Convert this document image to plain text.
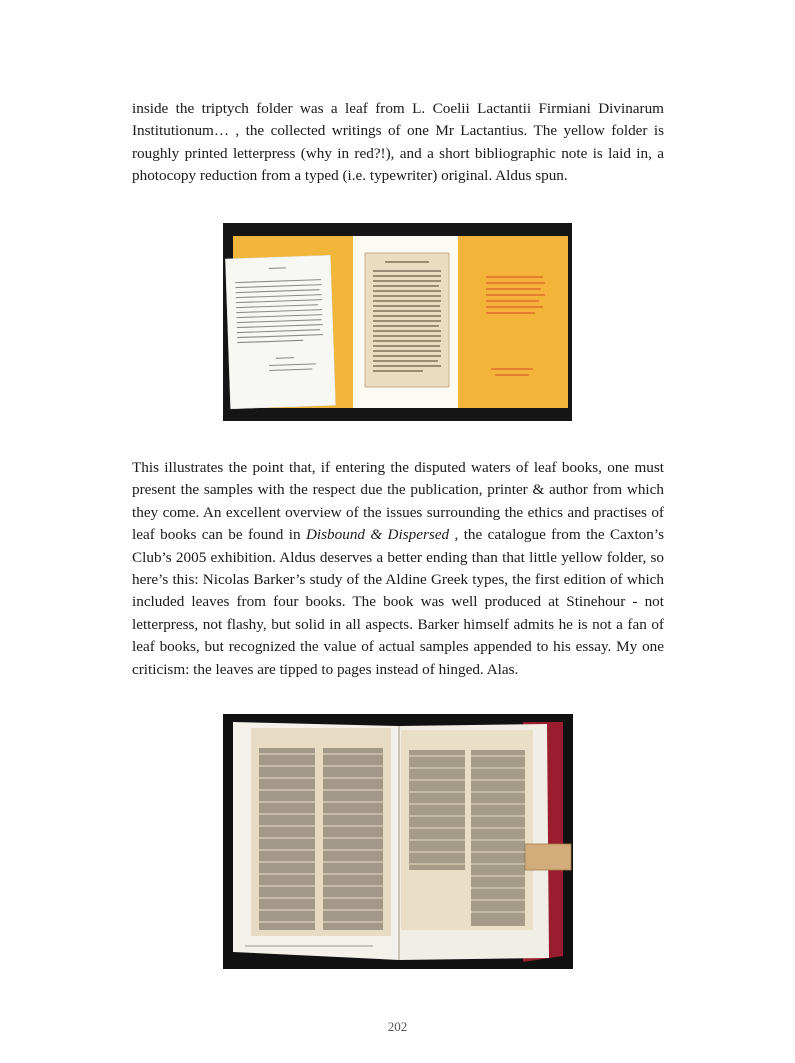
inside the triptych folder was a leaf from L. Coelii Lactantii Firmiani Divinarum Institutionum… , the collected writings of one Mr Lactantius. The yellow folder is roughly printed letterpress (why in red?!), and a short bibliographic note is laid in, a photocopy reduction from a typed (i.e. typewriter) original. Aldus spun.

This illustrates the point that, if entering the disputed waters of leaf books, one must present the samples with the respect due the publication, printer & author from which they come. An excellent overview of the issues surrounding the ethics and practises of leaf books can be found in Disbound & Dispersed , the catalogue from the Caxton’s Club’s 2005 exhibition. Aldus deserves a better ending than that little yellow folder, so here’s this: Nicolas Barker’s study of the Aldine Greek types, the first edition of which included leaves from four books. The book was well produced at Stinehour - not letterpress, not flashy, but solid in all aspects. Barker himself admits he is not a fan of leaf books, but recognized the value of actual samples appended to his essay. My one criticism: the leaves are tipped to pages instead of hinged. Alas.

202
